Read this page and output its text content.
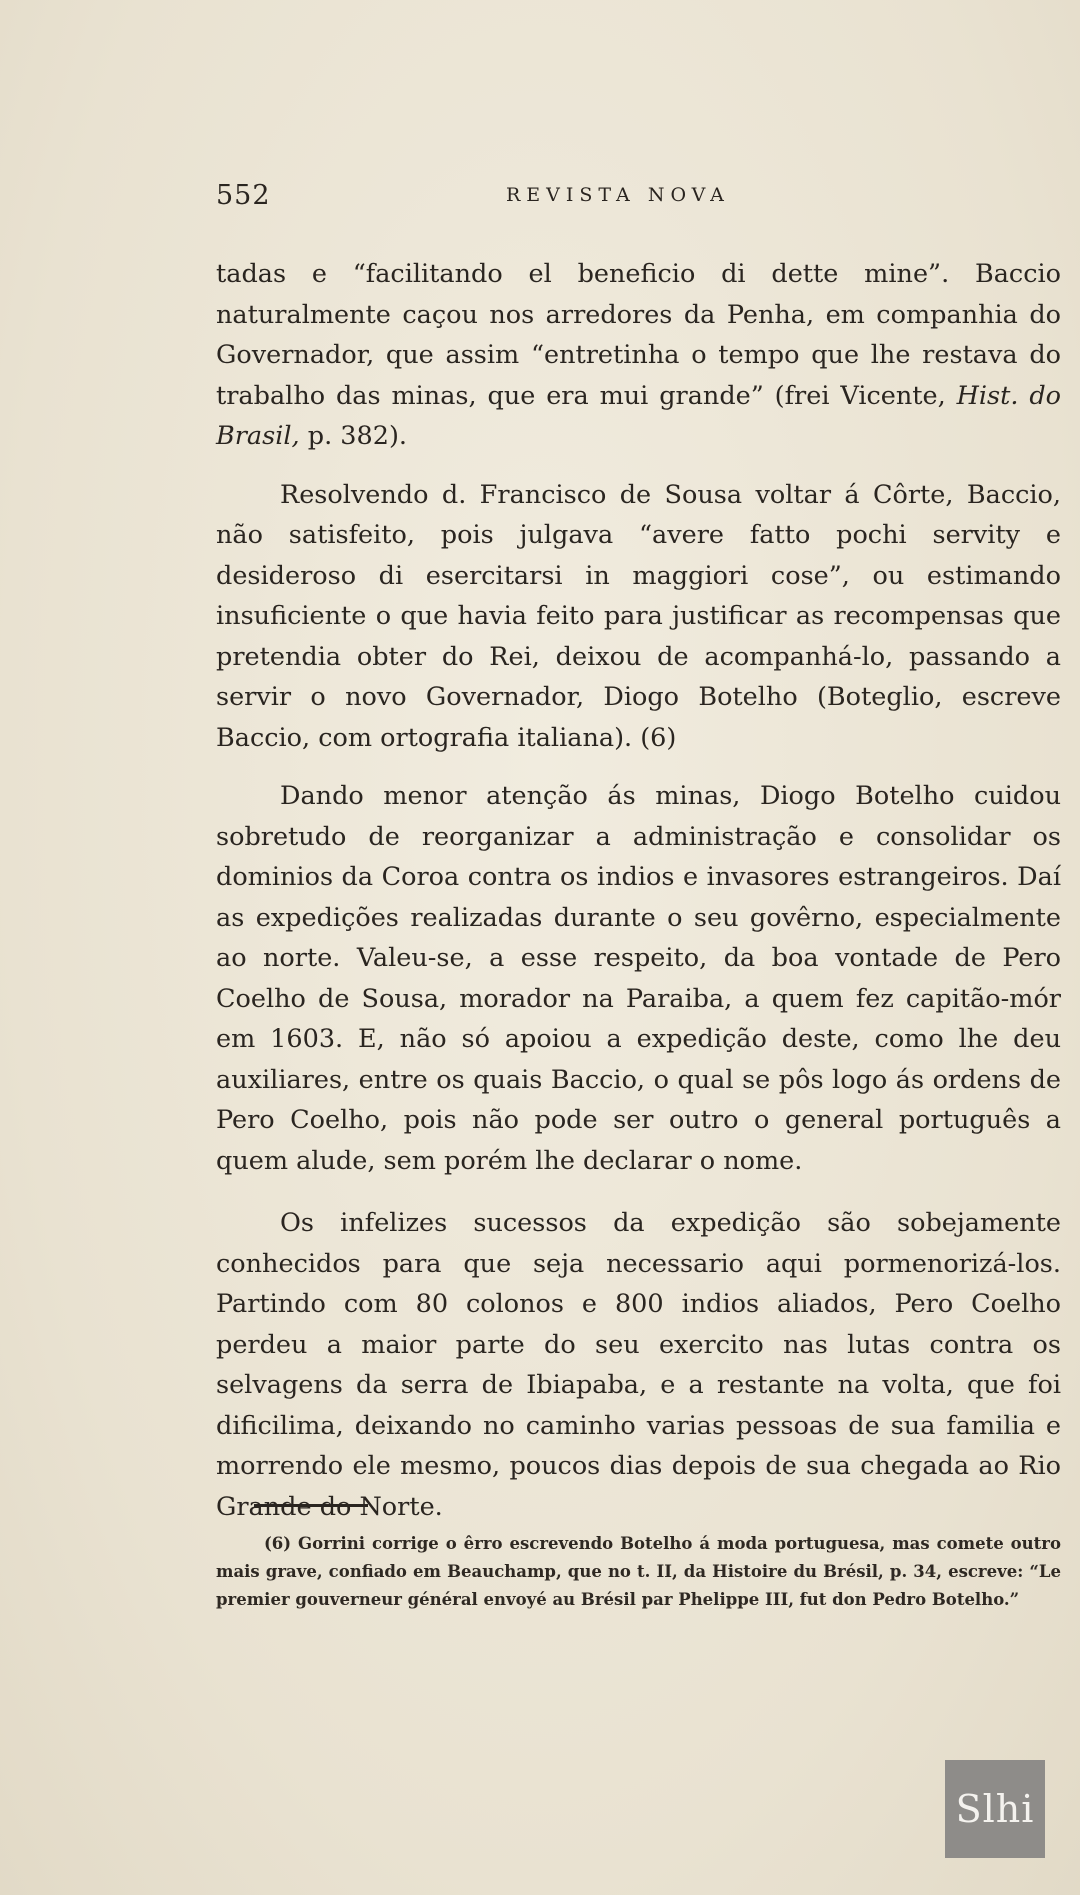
552	REVISTA NOVA

tadas e “facilitando el beneficio di dette mine”. Baccio naturalmente caçou nos arredores da Penha, em companhia do Governador, que assim “entretinha o tempo que lhe restava do trabalho das minas, que era mui grande” (frei Vicente, Hist. do Brasil, p. 382).

Resolvendo d. Francisco de Sousa voltar á Côrte, Baccio, não satisfeito, pois julgava “avere fatto pochi servity e desideroso di esercitarsi in maggiori cose”, ou estimando insuficiente o que havia feito para justificar as recompensas que pretendia obter do Rei, deixou de acompanhá-lo, passando a servir o novo Governador, Diogo Botelho (Boteglio, escreve Baccio, com ortografia italiana). (6)

Dando menor atenção ás minas, Diogo Botelho cuidou sobretudo de reorganizar a administração e consolidar os dominios da Coroa contra os indios e invasores estrangeiros. Daí as expedições realizadas durante o seu govêrno, especialmente ao norte. Valeu-se, a esse respeito, da boa vontade de Pero Coelho de Sousa, morador na Paraiba, a quem fez capitão-mór em 1603. E, não só apoiou a expedição deste, como lhe deu auxiliares, entre os quais Baccio, o qual se pôs logo ás ordens de Pero Coelho, pois não pode ser outro o general português a quem alude, sem porém lhe declarar o nome.

Os infelizes sucessos da expedição são sobejamente conhecidos para que seja necessario aqui pormenorizá-los. Partindo com 80 colonos e 800 indios aliados, Pero Coelho perdeu a maior parte do seu exercito nas lutas contra os selvagens da serra de Ibiapaba, e a restante na volta, que foi dificilima, deixando no caminho varias pessoas de sua familia e morrendo ele mesmo, poucos dias depois de sua chegada ao Rio Grande do Norte.

(6) Gorrini corrige o êrro escrevendo Botelho á moda portuguesa, mas comete outro mais grave, confiado em Beauchamp, que no t. II, da Histoire du Brésil, p. 34, escreve: “Le premier gouverneur général envoyé au Brésil par Phelippe III, fut don Pedro Botelho.”

Slhi
